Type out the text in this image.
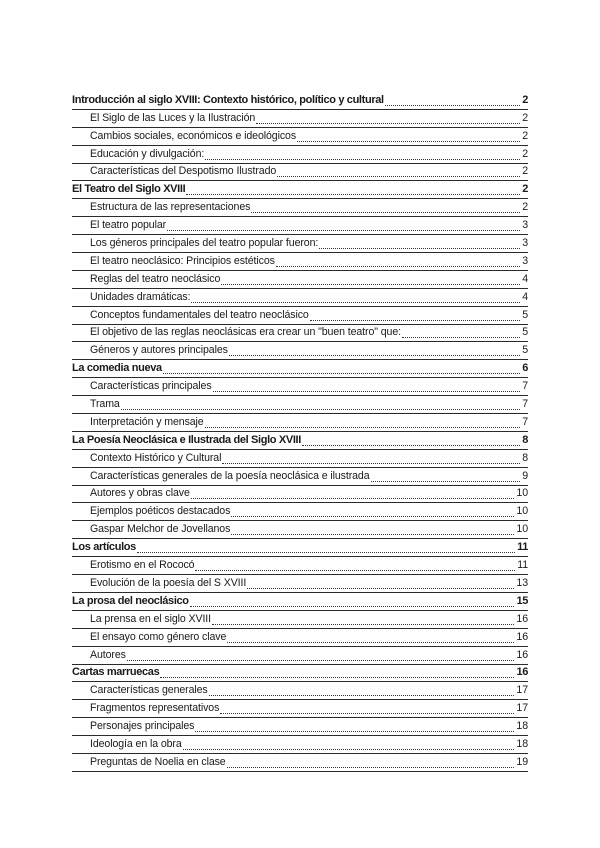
Introducción al siglo XVIII: Contexto histórico, político y cultural	2
El Siglo de las Luces y la Ilustración	2
Cambios sociales, económicos e ideológicos	2
Educación y divulgación:	2
Características del Despotismo Ilustrado	2
El Teatro del Siglo XVIII	2
Estructura de las representaciones	2
El teatro popular	3
Los géneros principales del teatro popular fueron:	3
El teatro neoclásico: Principios estéticos	3
Reglas del teatro neoclásico	4
Unidades dramáticas:	4
Conceptos fundamentales del teatro neoclásico	5
El objetivo de las reglas neoclásicas era crear un "buen teatro" que:	5
Géneros y autores principales	5
La comedia nueva	6
Características principales	7
Trama	7
Interpretación y mensaje	7
La Poesía Neoclásica e Ilustrada del Siglo XVIII	8
Contexto Histórico y Cultural	8
Características generales de la poesía neoclásica e ilustrada	9
Autores y obras clave	10
Ejemplos poéticos destacados	10
Gaspar Melchor de Jovellanos	10
Los artículos	11
Erotismo en el Rococó	11
Evolución de la poesía del S XVIII	13
La prosa del neoclásico	15
La prensa en el siglo XVIII	16
El ensayo como género clave	16
Autores	16
Cartas marruecas	16
Características generales	17
Fragmentos representativos	17
Personajes principales	18
Ideología en la obra	18
Preguntas de Noelia en clase	19
